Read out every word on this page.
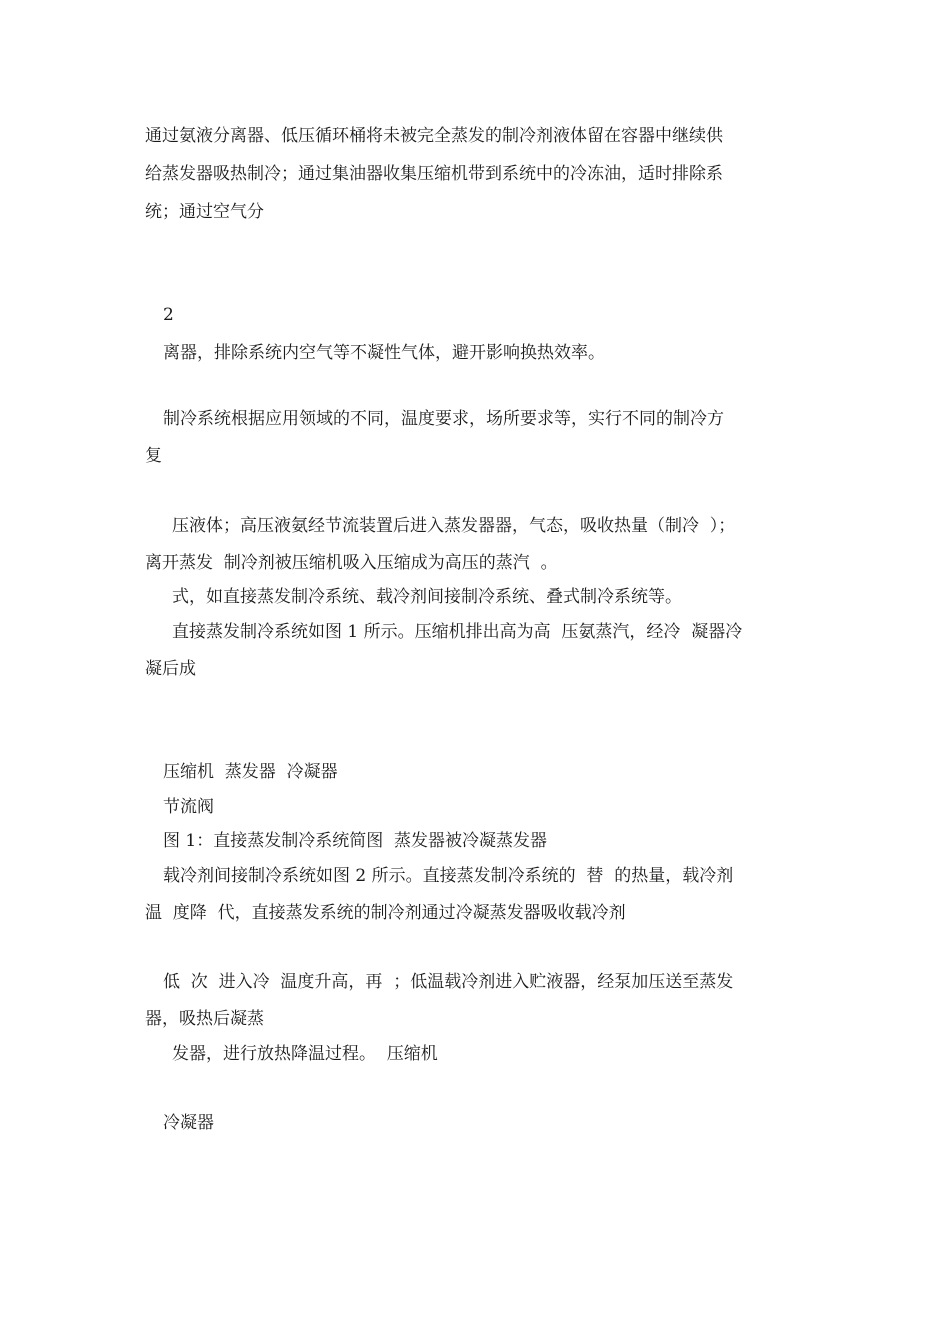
通过氨液分离器、低压循环桶将未被完全蒸发的制冷剂液体留在容器中继续供
给蒸发器吸热制冷；通过集油器收集压缩机带到系统中的冷冻油，适时排除系
统；通过空气分
2
离器，排除系统内空气等不凝性气体，避开影响换热效率。
制冷系统根据应用领域的不同，温度要求，场所要求等，实行不同的制冷方
复
压液体；高压液氨经节流装置后进入蒸发器器，气态，吸收热量（制冷  ）；
离开蒸发  制冷剂被压缩机吸入压缩成为高压的蒸汽  。
式，如直接蒸发制冷系统、载冷剂间接制冷系统、叠式制冷系统等。
直接蒸发制冷系统如图 1 所示。压缩机排出高为高  压氨蒸汽，经冷  凝器冷
凝后成
压缩机  蒸发器  冷凝器
节流阀
图 1：直接蒸发制冷系统简图  蒸发器被冷凝蒸发器
载冷剂间接制冷系统如图 2 所示。直接蒸发制冷系统的  替  的热量，载冷剂
温  度降  代，直接蒸发系统的制冷剂通过冷凝蒸发器吸收载冷剂
低  次  进入冷  温度升高，再  ；低温载冷剂进入贮液器，经泵加压送至蒸发
器，吸热后凝蒸
发器，进行放热降温过程。  压缩机
冷凝器
